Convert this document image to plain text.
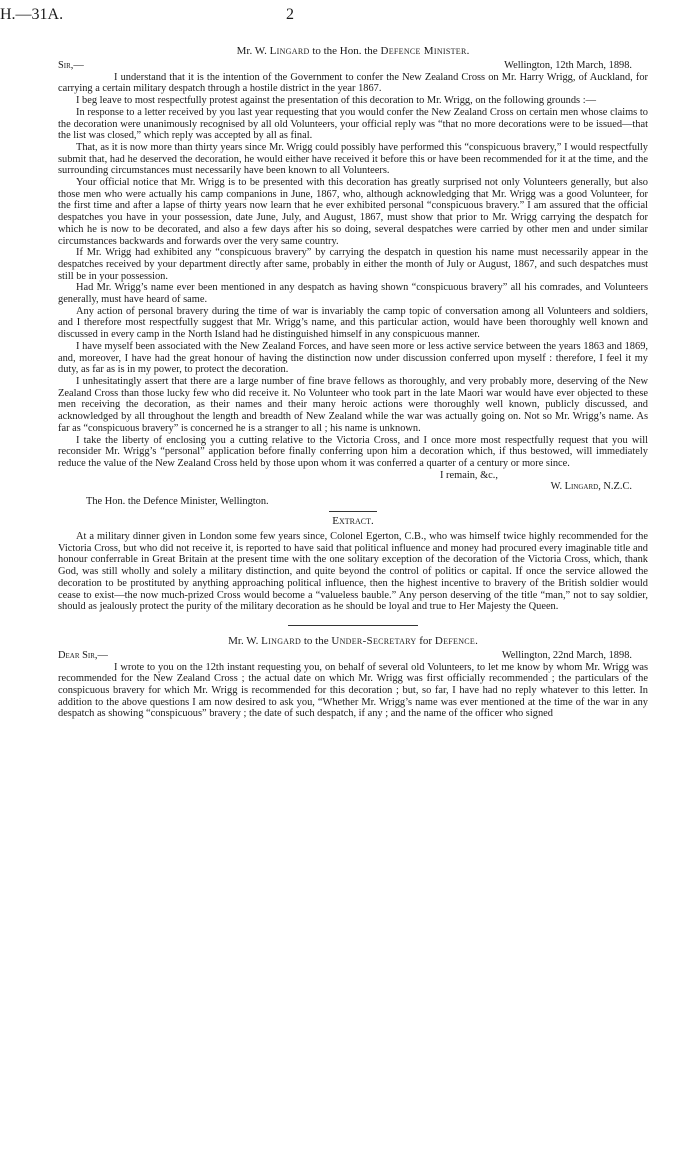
H.—31A.	2
Mr. W. Lingard to the Hon. the Defence Minister.
Sir,—	Wellington, 12th March, 1898.

I understand that it is the intention of the Government to confer the New Zealand Cross on Mr. Harry Wrigg, of Auckland, for carrying a certain military despatch through a hostile district in the year 1867.

I beg leave to most respectfully protest against the presentation of this decoration to Mr. Wrigg, on the following grounds :—

In response to a letter received by you last year requesting that you would confer the New Zealand Cross on certain men whose claims to the decoration were unanimously recognised by all old Volunteers, your official reply was “that no more decorations were to be issued—that the list was closed,” which reply was accepted by all as final.

That, as it is now more than thirty years since Mr. Wrigg could possibly have performed this “conspicuous bravery,” I would respectfully submit that, had he deserved the decoration, he would either have received it before this or have been recommended for it at the time, and the surrounding circumstances must necessarily have been known to all Volunteers.

Your official notice that Mr. Wrigg is to be presented with this decoration has greatly surprised not only Volunteers generally, but also those men who were actually his camp companions in June, 1867, who, although acknowledging that Mr. Wrigg was a good Volunteer, for the first time and after a lapse of thirty years now learn that he ever exhibited personal “conspicuous bravery.” I am assured that the official despatches you have in your possession, date June, July, and August, 1867, must show that prior to Mr. Wrigg carrying the despatch for which he is now to be decorated, and also a few days after his so doing, several despatches were carried by other men and under similar circumstances backwards and forwards over the very same country.

If Mr. Wrigg had exhibited any “conspicuous bravery” by carrying the despatch in question his name must necessarily appear in the despatches received by your department directly after same, probably in either the month of July or August, 1867, and such despatches must still be in your possession.

Had Mr. Wrigg’s name ever been mentioned in any despatch as having shown “conspicuous bravery” all his comrades, and Volunteers generally, must have heard of same.

Any action of personal bravery during the time of war is invariably the camp topic of conversation among all Volunteers and soldiers, and I therefore most respectfully suggest that Mr. Wrigg’s name, and this particular action, would have been thoroughly well known and discussed in every camp in the North Island had he distinguished himself in any conspicuous manner.

I have myself been associated with the New Zealand Forces, and have seen more or less active service between the years 1863 and 1869, and, moreover, I have had the great honour of having the distinction now under discussion conferred upon myself : therefore, I feel it my duty, as far as is in my power, to protect the decoration.

I unhesitatingly assert that there are a large number of fine brave fellows as thoroughly, and very probably more, deserving of the New Zealand Cross than those lucky few who did receive it. No Volunteer who took part in the late Maori war would have ever objected to these men receiving the decoration, as their names and their many heroic actions were thoroughly well known, publicly discussed, and acknowledged by all throughout the length and breadth of New Zealand while the war was actually going on. Not so Mr. Wrigg’s name. As far as “conspicuous bravery” is concerned he is a stranger to all ; his name is unknown.

I take the liberty of enclosing you a cutting relative to the Victoria Cross, and I once more most respectfully request that you will reconsider Mr. Wrigg’s “personal” application before finally conferring upon him a decoration which, if thus bestowed, will immediately reduce the value of the New Zealand Cross held by those upon whom it was conferred a quarter of a century or more since.

I remain, &c.,
W. Lingard, N.Z.C.

The Hon. the Defence Minister, Wellington.

Extract.

At a military dinner given in London some few years since, Colonel Egerton, C.B., who was himself twice highly recommended for the Victoria Cross, but who did not receive it, is reported to have said that political influence and money had procured every imaginable title and honour conferrable in Great Britain at the present time with the one solitary exception of the decoration of the Victoria Cross, which, thank God, was still wholly and solely a military distinction, and quite beyond the control of politics or capital. If once the service allowed the decoration to be prostituted by anything approaching political influence, then the highest incentive to bravery of the British soldier would cease to exist—the now much-prized Cross would become a “valueless bauble.” Any person deserving of the title “man,” not to say soldier, should as jealously protect the purity of the military decoration as he should be loyal and true to Her Majesty the Queen.

Mr. W. Lingard to the Under-Secretary for Defence.
Dear Sir,—	Wellington, 22nd March, 1898.

I wrote to you on the 12th instant requesting you, on behalf of several old Volunteers, to let me know by whom Mr. Wrigg was recommended for the New Zealand Cross ; the actual date on which Mr. Wrigg was first officially recommended ; the particulars of the conspicuous bravery for which Mr. Wrigg is recommended for this decoration ; but, so far, I have had no reply whatever to this letter. In addition to the above questions I am now desired to ask you, “Whether Mr. Wrigg’s name was ever mentioned at the time of the war in any despatch as showing “conspicuous” bravery ; the date of such despatch, if any ; and the name of the officer who signed
